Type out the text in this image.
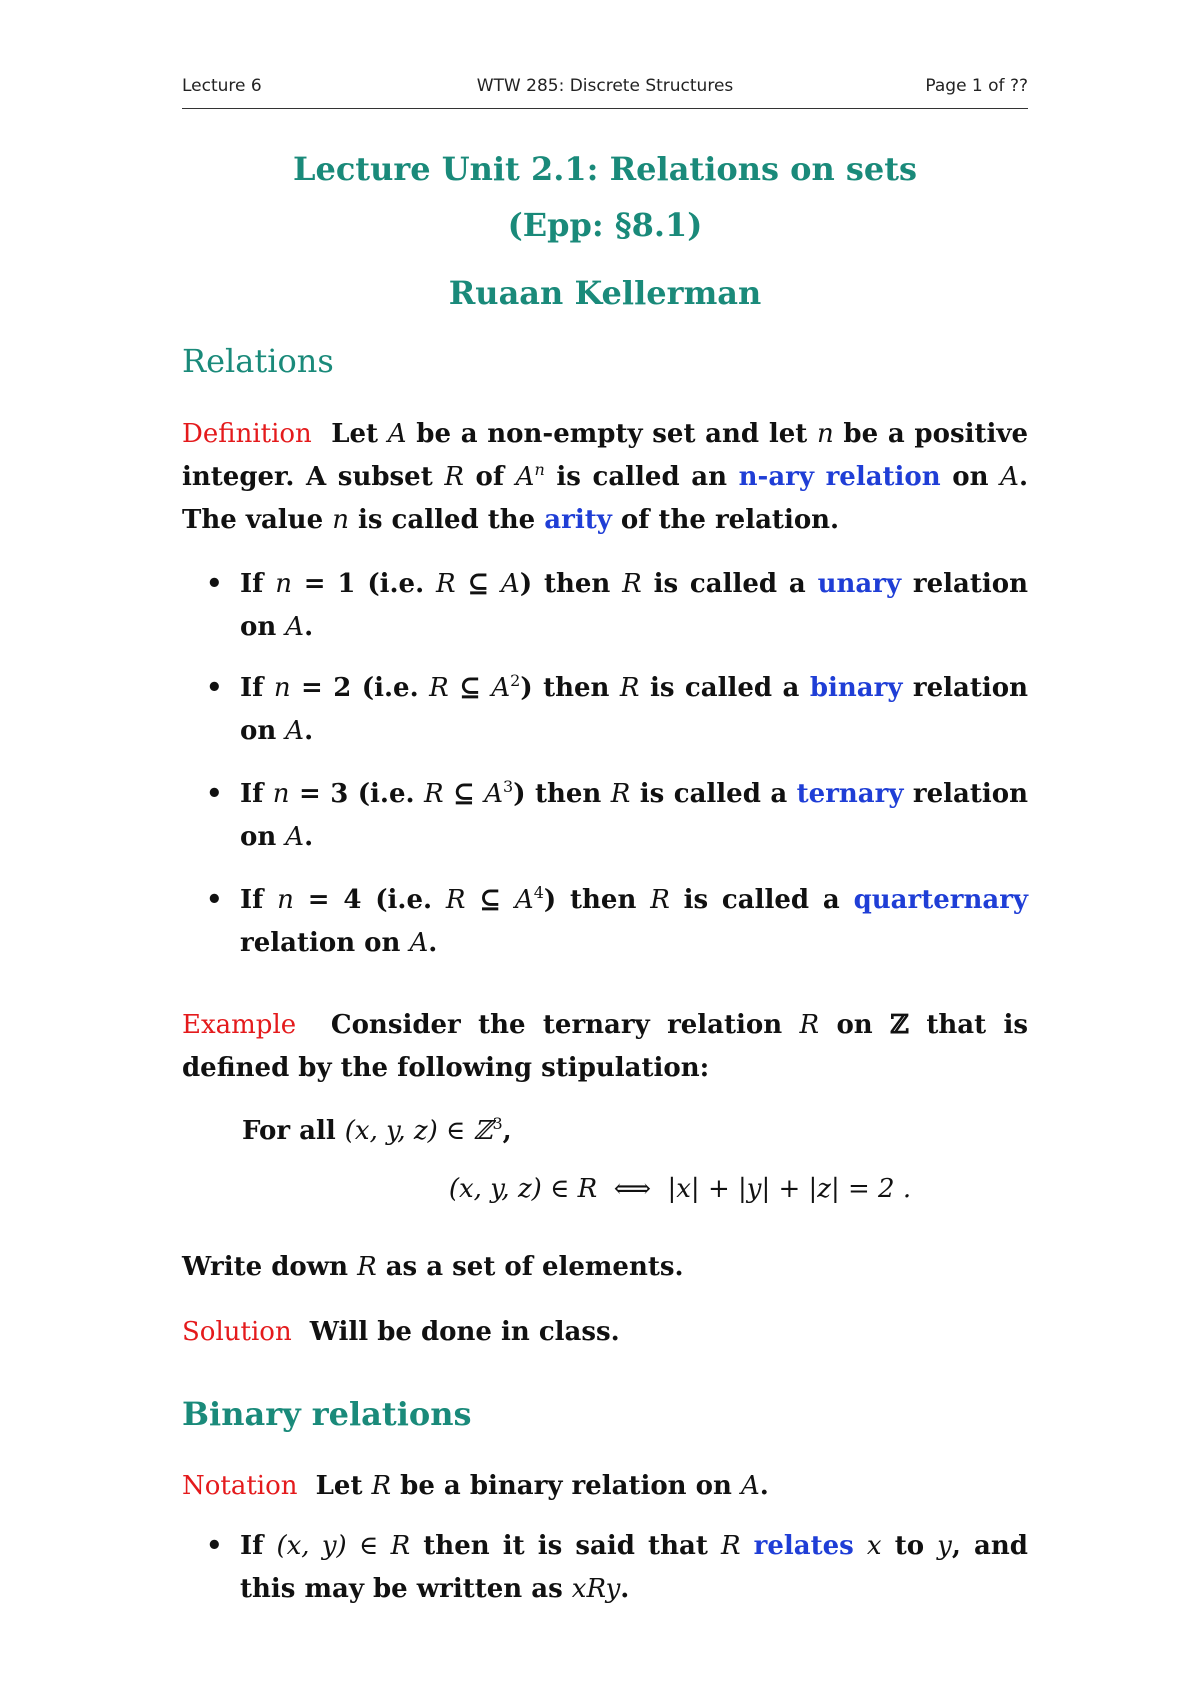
Lecture 6	WTW 285: Discrete Structures	Page 1 of ??
Lecture Unit 2.1: Relations on sets
(Epp: §8.1)
Ruaan Kellerman
Relations
Definition Let A be a non-empty set and let n be a positive integer. A subset R of $A^n$ is called an n-ary relation on A. The value n is called the arity of the relation.
• If n = 1 (i.e. R ⊆ A) then R is called a unary relation on A.
• If n = 2 (i.e. R ⊆ $A^2$) then R is called a binary relation on A.
• If n = 3 (i.e. R ⊆ $A^3$) then R is called a ternary relation on A.
• If n = 4 (i.e. R ⊆ $A^4$) then R is called a quarternary relation on A.
Example Consider the ternary relation R on ℤ that is defined by the following stipulation:
For all (x, y, z) ∈ ℤ$^3$,
(x, y, z) ∈ R ⟺ |x| + |y| + |z| = 2 .
Write down R as a set of elements.
Solution Will be done in class.
Binary relations
Notation Let R be a binary relation on A.
• If (x, y) ∈ R then it is said that R relates x to y, and this may be written as xRy.
